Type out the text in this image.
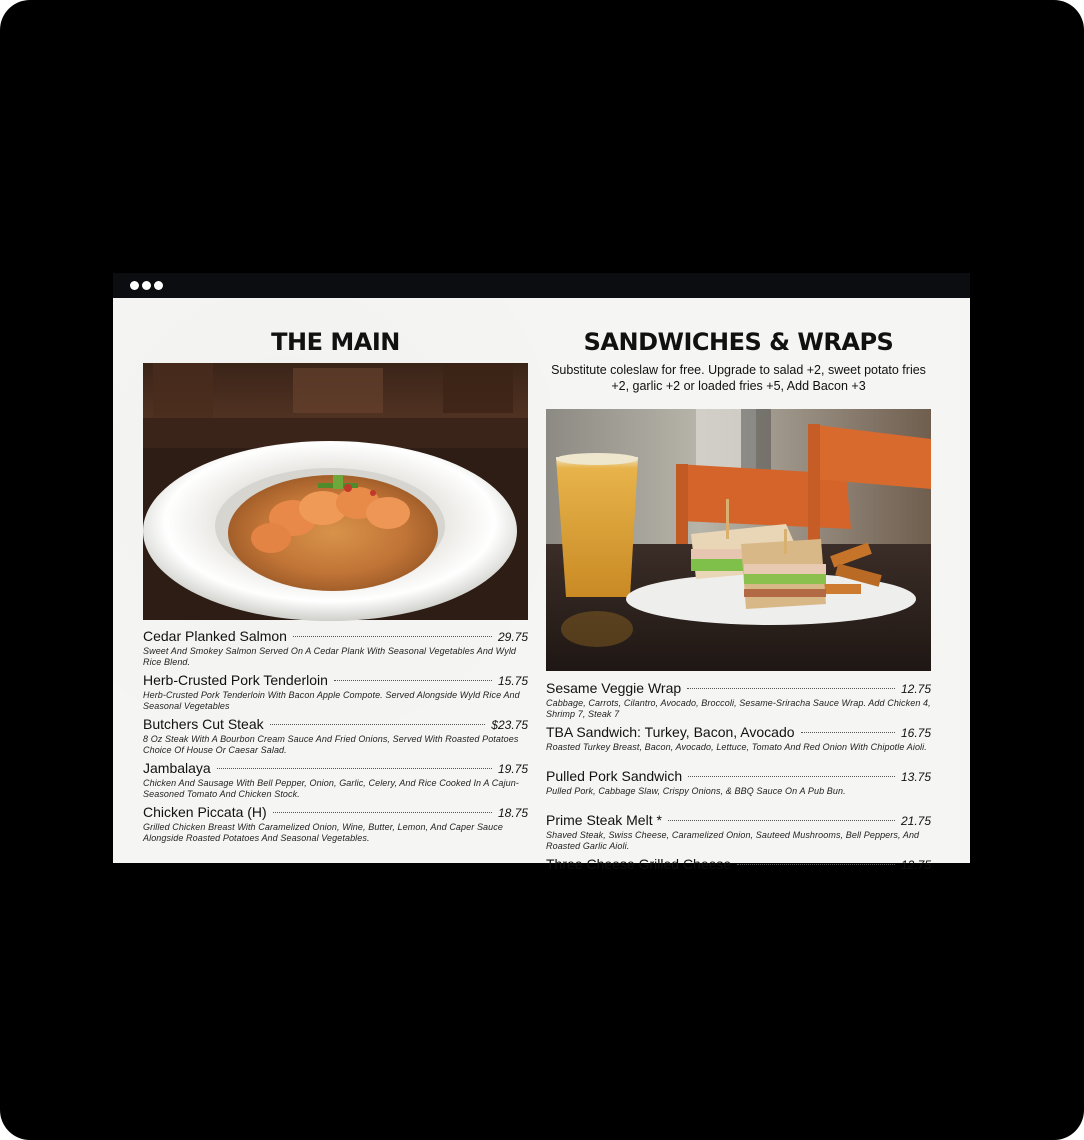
THE MAIN
Cedar Planked Salmon	29.75
Sweet And Smokey Salmon Served On A Cedar Plank With Seasonal Vegetables And Wyld Rice Blend.
Herb-Crusted Pork Tenderloin	15.75
Herb-Crusted Pork Tenderloin With Bacon Apple Compote. Served Alongside Wyld Rice And Seasonal Vegetables
Butchers Cut Steak	$23.75
8 Oz Steak With A Bourbon Cream Sauce And Fried Onions, Served With Roasted Potatoes Choice Of House Or Caesar Salad.
Jambalaya	19.75
Chicken And Sausage With Bell Pepper, Onion, Garlic, Celery, And Rice Cooked In A Cajun-Seasoned Tomato And Chicken Stock.
Chicken Piccata (H)	18.75
Grilled Chicken Breast With Caramelized Onion, Wine, Butter, Lemon, And Caper Sauce Alongside Roasted Potatoes And Seasonal Vegetables.
SANDWICHES & WRAPS
Substitute coleslaw for free. Upgrade to salad +2, sweet potato fries +2, garlic +2 or loaded fries +5, Add Bacon +3
Sesame Veggie Wrap	12.75
Cabbage, Carrots, Cilantro, Avocado, Broccoli, Sesame-Sriracha Sauce Wrap. Add Chicken 4, Shrimp 7, Steak 7
TBA Sandwich: Turkey, Bacon, Avocado	16.75
Roasted Turkey Breast, Bacon, Avocado, Lettuce, Tomato And Red Onion With Chipotle Aioli.
Pulled Pork Sandwich	13.75
Pulled Pork, Cabbage Slaw, Crispy Onions, & BBQ Sauce On A Pub Bun.
Prime Steak Melt *	21.75
Shaved Steak, Swiss Cheese, Caramelized Onion, Sauteed Mushrooms, Bell Peppers, And Roasted Garlic Aioli.
Three Cheese Grilled Cheese	12.75
